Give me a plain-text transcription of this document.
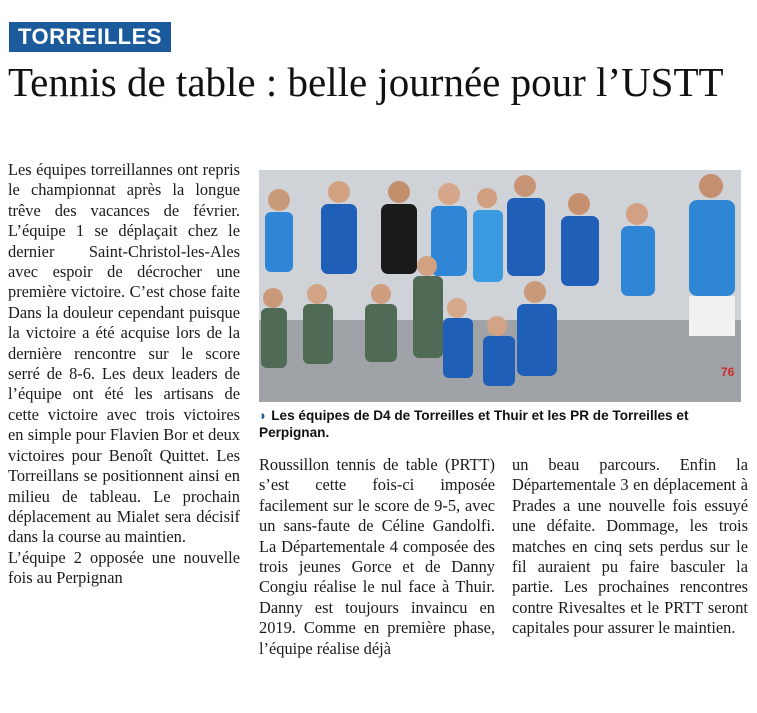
TORREILLES
Tennis de table : belle journée pour l’USTT

Les équipes torreillannes ont repris le championnat après la longue trêve des vacances de février. L’équipe 1 se déplaçait chez le dernier Saint-Christol-les-Ales avec espoir de décrocher une première victoire. C’est chose faite Dans la douleur cependant puisque la victoire a été acquise lors de la dernière rencontre sur le score serré de 8-6. Les deux leaders de l’équipe ont été les artisans de cette victoire avec trois victoires en simple pour Flavien Bor et deux victoires pour Benoît Quittet. Les Torreillans se positionnent ainsi en milieu de tableau. Le prochain déplacement au Mialet sera décisif dans la course au maintien.

L’équipe 2 opposée une nouvelle fois au Perpignan

76
◗ Les équipes de D4 de Torreilles et Thuir et les PR de Torreilles et Perpignan.

Roussillon tennis de table (PRTT) s’est cette fois-ci imposée facilement sur le score de 9-5, avec un sans-faute de Céline Gandolfi. La Départementale 4 composée des trois jeunes Gorce et de Danny Congiu réalise le nul face à Thuir. Danny est toujours invaincu en 2019. Comme en première phase, l’équipe réalise déjà

un beau parcours. Enfin la Départementale 3 en déplacement à Prades a une nouvelle fois essuyé une défaite. Dommage, les trois matches en cinq sets perdus sur le fil auraient pu faire basculer la partie. Les prochaines rencontres contre Rivesaltes et le PRTT seront capitales pour assurer le maintien.
